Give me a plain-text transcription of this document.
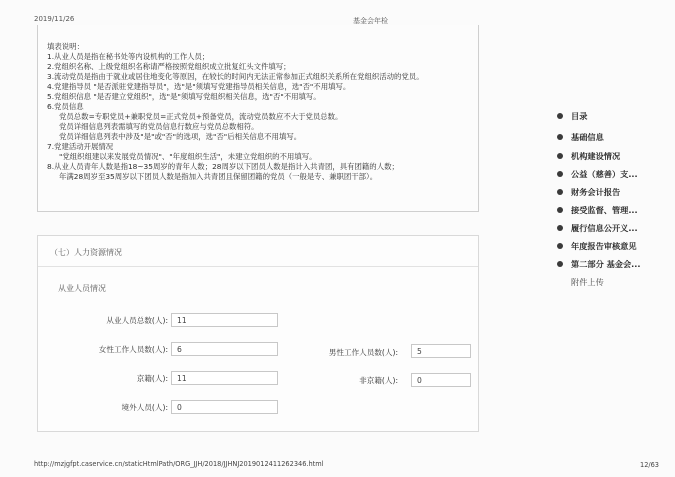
2019/11/26	基金会年检
填表说明：
1.从业人员是指在秘书处等内设机构的工作人员；
2.党组织名称、上级党组织名称请严格按照党组织成立批复红头文件填写；
3.流动党员是指由于就业或居住地变化等原因，在较长的时间内无法正常参加正式组织关系所在党组织活动的党员。
4.党建指导员 "是否派驻党建指导员"，选"是"须填写党建指导员相关信息，选"否"不用填写。
5.党组织信息 "是否建立党组织"，选"是"须填写党组织相关信息，选"否"不用填写。
6.党员信息
党员总数=专职党员+兼职党员=正式党员+预备党员，流动党员数应不大于党员总数。
党员详细信息列表需填写的党员信息行数应与党员总数相符。
党员详细信息列表中涉及"是"或"否"的选项，选"否"后相关信息不用填写。
7.党建活动开展情况
"党组织组建以来发展党员情况"、"年度组织生活"，未建立党组织的不用填写。
8.从业人员青年人数是指18~35周岁的青年人数；28周岁以下团员人数是指计入共青团，具有团籍的人数；
年满28周岁至35周岁以下团员人数是指加入共青团且保留团籍的党员（一般是专、兼职团干部）。
（七）人力资源情况
从业人员情况
从业人员总数(人):	11
女性工作人员数(人):	6	男性工作人员数(人):	5
京籍(人):	11	非京籍(人):	0
境外人员(人):	0
目录
基础信息
机构建设情况
公益（慈善）支...
财务会计报告
接受监督、管理...
履行信息公开义...
年度报告审核意见
第二部分 基金会...
附件上传
http://mzjgfpt.caservice.cn/staticHtmlPath/ORG_JJH/2018/JJHNJ2019012411262346.html	12/63
